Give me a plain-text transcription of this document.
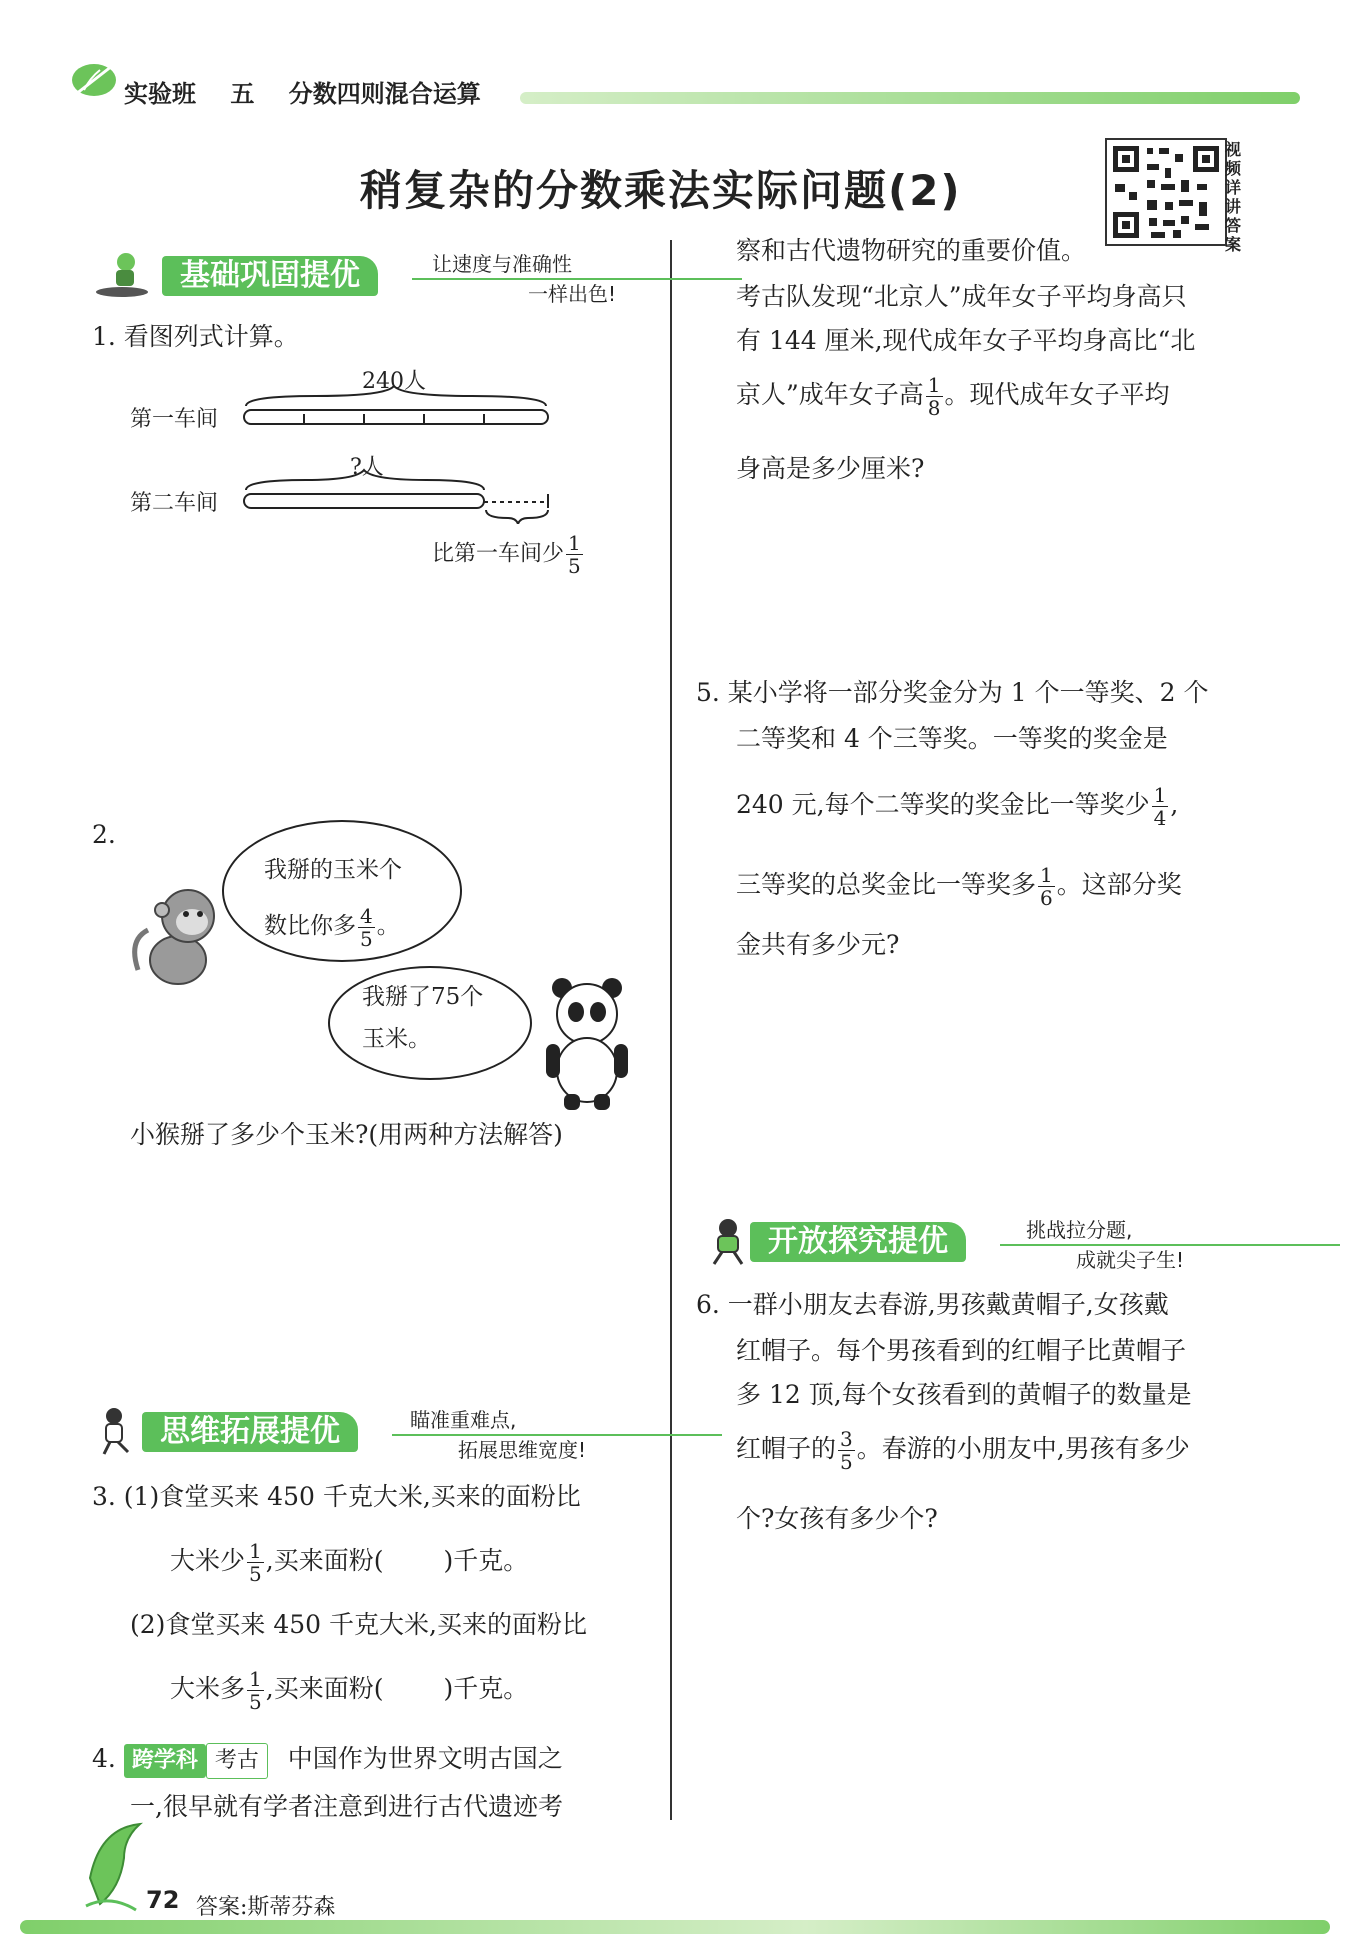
实验班 五 分数四则混合运算
稍复杂的分数乘法实际问题(2)
视频详讲答案
基础巩固提优	让速度与准确性
一样出色!
1. 看图列式计算。
第一车间
240人
第二车间
?人
比第一车间少 $\frac{1}{5}$
2.
我掰的玉米个
数比你多 $\frac{4}{5}$ 。
我掰了75个
玉米。
小猴掰了多少个玉米?(用两种方法解答)
思维拓展提优	瞄准重难点,
拓展思维宽度!
3. (1)食堂买来 450 千克大米,买来的面粉比
大米少 $\frac{1}{5}$ ,买来面粉( )千克。
(2)食堂买来 450 千克大米,买来的面粉比
大米多 $\frac{1}{5}$ ,买来面粉( )千克。
4. 跨学科 考古 中国作为世界文明古国之
一,很早就有学者注意到进行古代遗迹考
察和古代遗物研究的重要价值。
考古队发现“北京人”成年女子平均身高只
有 144 厘米,现代成年女子平均身高比“北
京人”成年女子高 $\frac{1}{8}$ 。现代成年女子平均
身高是多少厘米?
5. 某小学将一部分奖金分为 1 个一等奖、2 个
二等奖和 4 个三等奖。一等奖的奖金是
240 元,每个二等奖的奖金比一等奖少 $\frac{1}{4}$ ,
三等奖的总奖金比一等奖多 $\frac{1}{6}$ 。这部分奖
金共有多少元?
开放探究提优	挑战拉分题,
成就尖子生!
6. 一群小朋友去春游,男孩戴黄帽子,女孩戴
红帽子。每个男孩看到的红帽子比黄帽子
多 12 顶,每个女孩看到的黄帽子的数量是
红帽子的 $\frac{3}{5}$ 。春游的小朋友中,男孩有多少
个?女孩有多少个?
72 答案:斯蒂芬森
